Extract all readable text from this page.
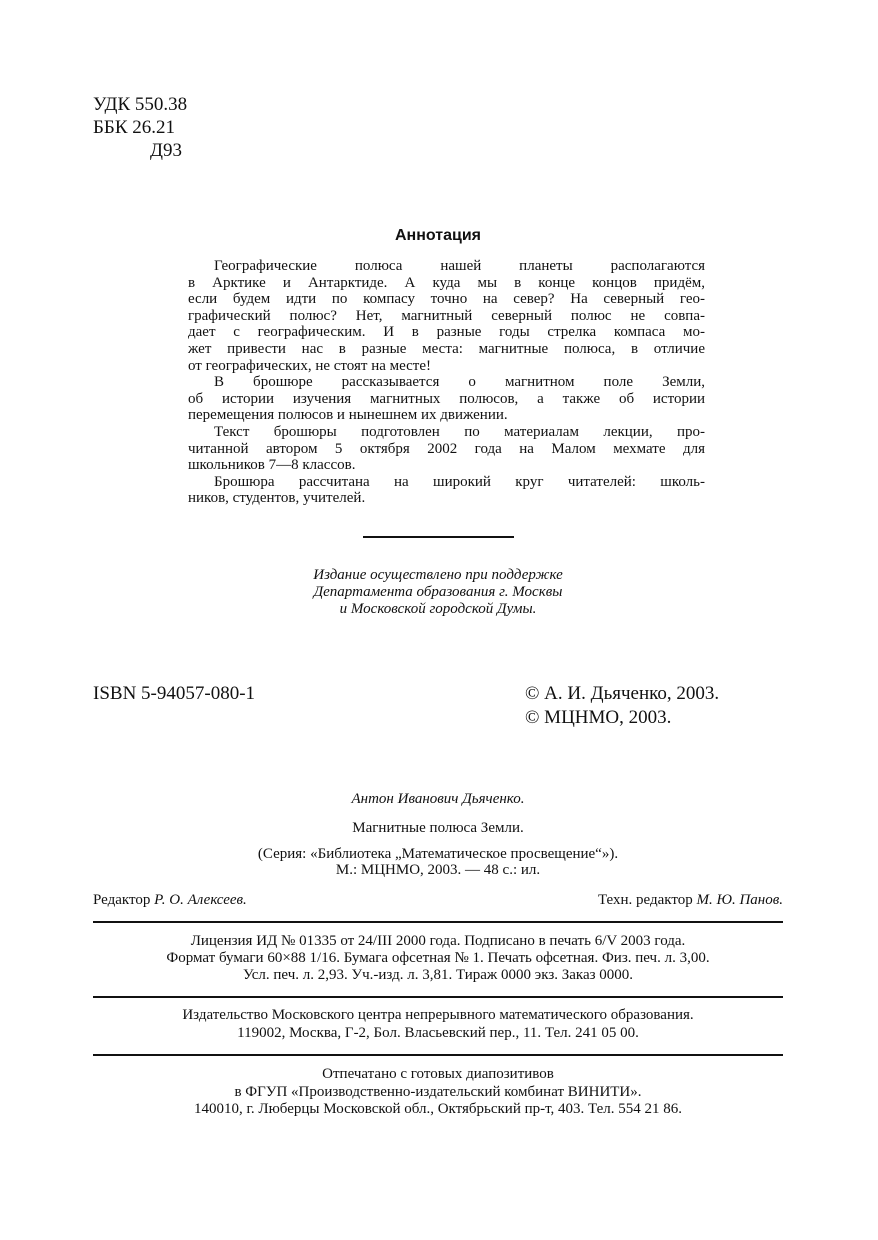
УДК 550.38
ББК 26.21
Д93
Аннотация
Географические полюса нашей планеты располагаются
в Арктике и Антарктиде. А куда мы в конце концов придём,
если будем идти по компасу точно на север? На северный гео-
графический полюс? Нет, магнитный северный полюс не совпа-
дает с географическим. И в разные годы стрелка компаса мо-
жет привести нас в разные места: магнитные полюса, в отличие
от географических, не стоят на месте!
В брошюре рассказывается о магнитном поле Земли,
об истории изучения магнитных полюсов, а также об истории
перемещения полюсов и нынешнем их движении.
Текст брошюры подготовлен по материалам лекции, про-
читанной автором 5 октября 2002 года на Малом мехмате для
школьников 7—8 классов.
Брошюра рассчитана на широкий круг читателей: школь-
ников, студентов, учителей.
Издание осуществлено при поддержке
Департамента образования г. Москвы
и Московской городской Думы.
ISBN 5-94057-080-1	© А. И. Дьяченко, 2003.
© МЦНМО, 2003.
Антон Иванович Дьяченко.
Магнитные полюса Земли.
(Серия: «Библиотека „Математическое просвещение“»).
М.: МЦНМО, 2003. — 48 с.: ил.
Редактор Р. О. Алексеев.	Техн. редактор М. Ю. Панов.
Лицензия ИД № 01335 от 24/III 2000 года. Подписано в печать 6/V 2003 года.
Формат бумаги 60×88 1/16. Бумага офсетная № 1. Печать офсетная. Физ. печ. л. 3,00.
Усл. печ. л. 2,93. Уч.-изд. л. 3,81. Тираж 0000 экз. Заказ 0000.
Издательство Московского центра непрерывного математического образования.
119002, Москва, Г-2, Бол. Власьевский пер., 11. Тел. 241 05 00.
Отпечатано с готовых диапозитивов
в ФГУП «Производственно-издательский комбинат ВИНИТИ».
140010, г. Люберцы Московской обл., Октябрьский пр-т, 403. Тел. 554 21 86.
